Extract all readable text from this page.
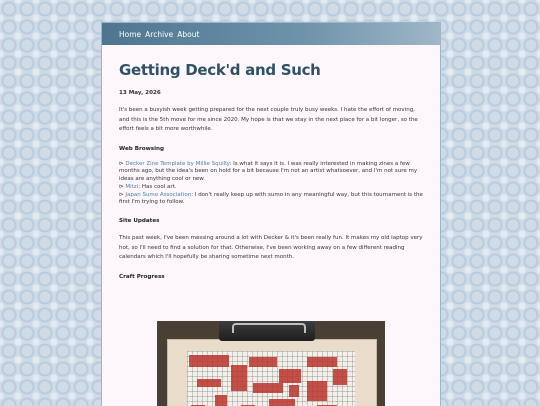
Home Archive About
Getting Deck'd and Such
13 May, 2026

It's been a busyish week getting prepared for the next couple truly busy weeks. I hate the effort of moving, and this is the 5th move for me since 2020. My hope is that we stay in the next place for a bit longer, so the effort feels a bit more worthwhile.

Web Browsing
⊳ Decker Zine Template by Millie Squilly: Is what it says it is. I was really interested in making zines a few months ago, but the idea's been on hold for a bit because I'm not an artist whatsoever, and I'm not sure my ideas are anything cool or new.
⊳ Mitzi: Has cool art.
⊳ Japan Sumo Association: I don't really keep up with sumo in any meaningful way, but this tournament is the first I'm trying to follow.
Site Updates

This past week, I've been messing around a lot with Decker & it's been really fun. It makes my old laptop very hot, so I'll need to find a solution for that. Otherwise, I've been working away on a few different reading calendars which I'll hopefully be sharing sometime next month.

Craft Progress
